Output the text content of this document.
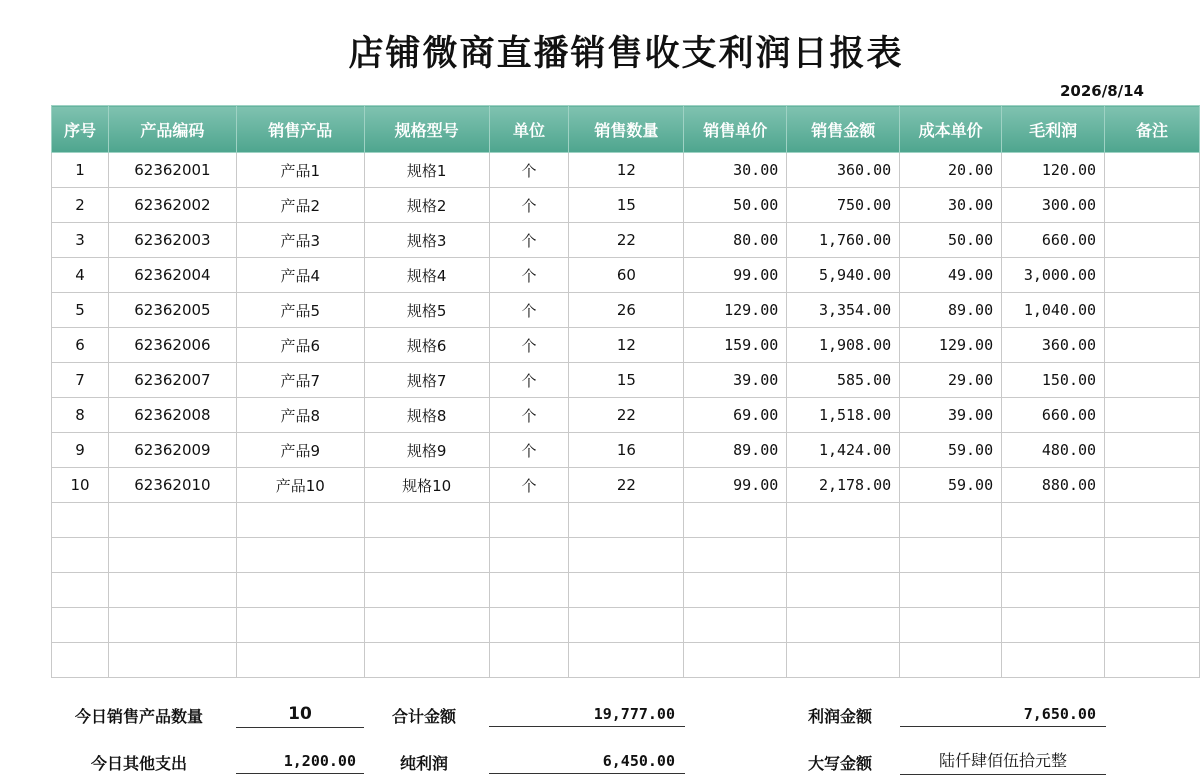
店铺微商直播销售收支利润日报表
2026/8/14
序号	产品编码	销售产品	规格型号	单位	销售数量	销售单价	销售金额	成本单价	毛利润	备注
1	62362001	产品1	规格1	个	12	30.00	360.00	20.00	120.00	
2	62362002	产品2	规格2	个	15	50.00	750.00	30.00	300.00	
3	62362003	产品3	规格3	个	22	80.00	1,760.00	50.00	660.00	
4	62362004	产品4	规格4	个	60	99.00	5,940.00	49.00	3,000.00	
5	62362005	产品5	规格5	个	26	129.00	3,354.00	89.00	1,040.00	
6	62362006	产品6	规格6	个	12	159.00	1,908.00	129.00	360.00	
7	62362007	产品7	规格7	个	15	39.00	585.00	29.00	150.00	
8	62362008	产品8	规格8	个	22	69.00	1,518.00	39.00	660.00	
9	62362009	产品9	规格9	个	16	89.00	1,424.00	59.00	480.00	
10	62362010	产品10	规格10	个	22	99.00	2,178.00	59.00	880.00	

今日销售产品数量	10	合计金额	19,777.00	利润金额	7,650.00
今日其他支出	1,200.00	纯利润	6,450.00	大写金额	陆仟肆佰伍拾元整
